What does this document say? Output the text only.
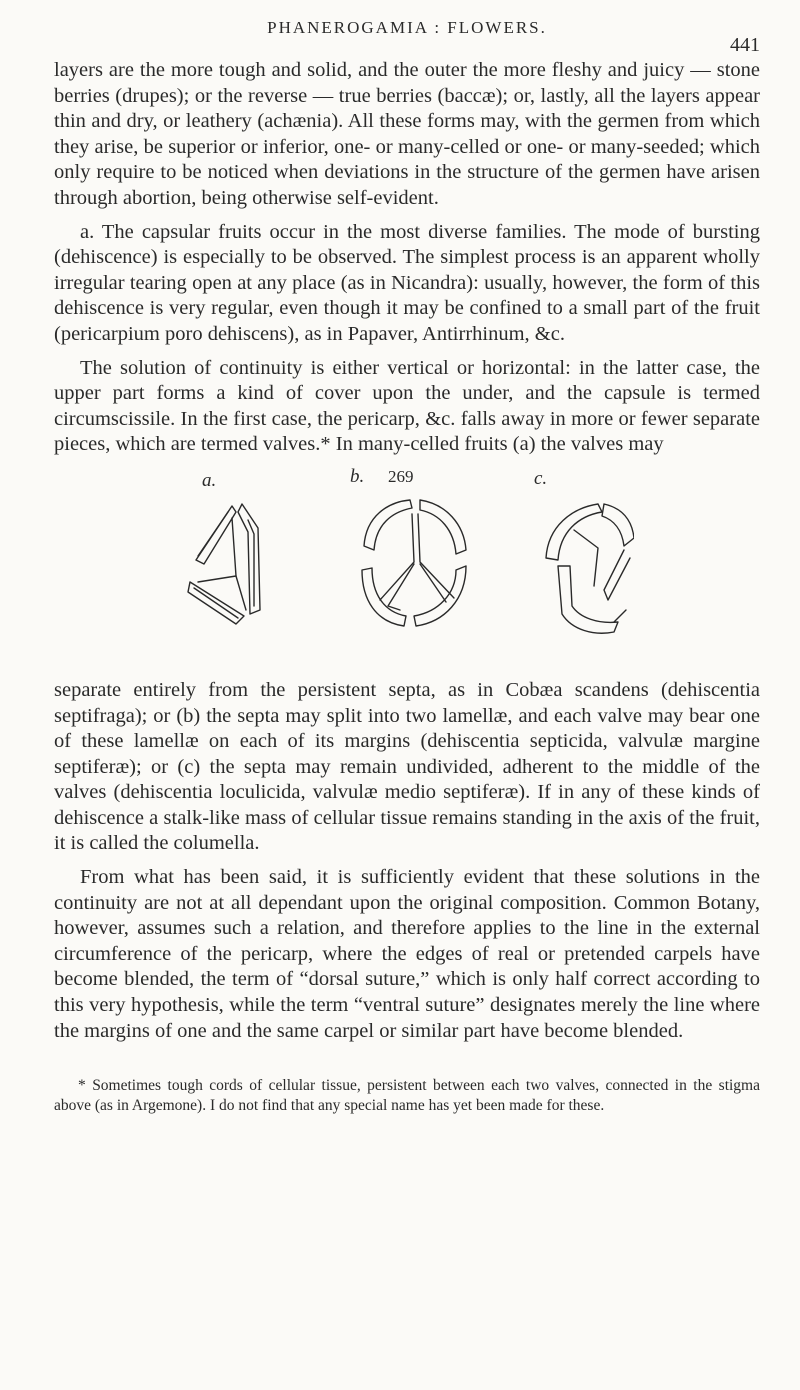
PHANEROGAMIA : FLOWERS.
441

layers are the more tough and solid, and the outer the more fleshy and juicy — stone berries (drupes); or the reverse — true berries (baccæ); or, lastly, all the layers appear thin and dry, or leathery (achænia). All these forms may, with the germen from which they arise, be superior or inferior, one- or many-celled or one- or many-seeded; which only require to be noticed when deviations in the structure of the germen have arisen through abortion, being otherwise self-evident.

a. The capsular fruits occur in the most diverse families. The mode of bursting (dehiscence) is especially to be observed. The simplest process is an apparent wholly irregular tearing open at any place (as in Nicandra): usually, however, the form of this dehiscence is very regular, even though it may be confined to a small part of the fruit (pericarpium poro dehiscens), as in Papaver, Antirrhinum, &c.

The solution of continuity is either vertical or horizontal: in the latter case, the upper part forms a kind of cover upon the under, and the capsule is termed circumscissile. In the first case, the pericarp, &c. falls away in more or fewer separate pieces, which are termed valves.* In many-celled fruits (a) the valves may

a.	b. 269	c.

separate entirely from the persistent septa, as in Cobæa scandens (dehiscentia septifraga); or (b) the septa may split into two lamellæ, and each valve may bear one of these lamellæ on each of its margins (dehiscentia septicida, valvulæ margine septiferæ); or (c) the septa may remain undivided, adherent to the middle of the valves (dehiscentia loculicida, valvulæ medio septiferæ). If in any of these kinds of dehiscence a stalk-like mass of cellular tissue remains standing in the axis of the fruit, it is called the columella.

From what has been said, it is sufficiently evident that these solutions in the continuity are not at all dependant upon the original composition. Common Botany, however, assumes such a relation, and therefore applies to the line in the external circumference of the pericarp, where the edges of real or pretended carpels have become blended, the term of “dorsal suture,” which is only half correct according to this very hypothesis, while the term “ventral suture” designates merely the line where the margins of one and the same carpel or similar part have become blended.

* Sometimes tough cords of cellular tissue, persistent between each two valves, connected in the stigma above (as in Argemone). I do not find that any special name has yet been made for these.
